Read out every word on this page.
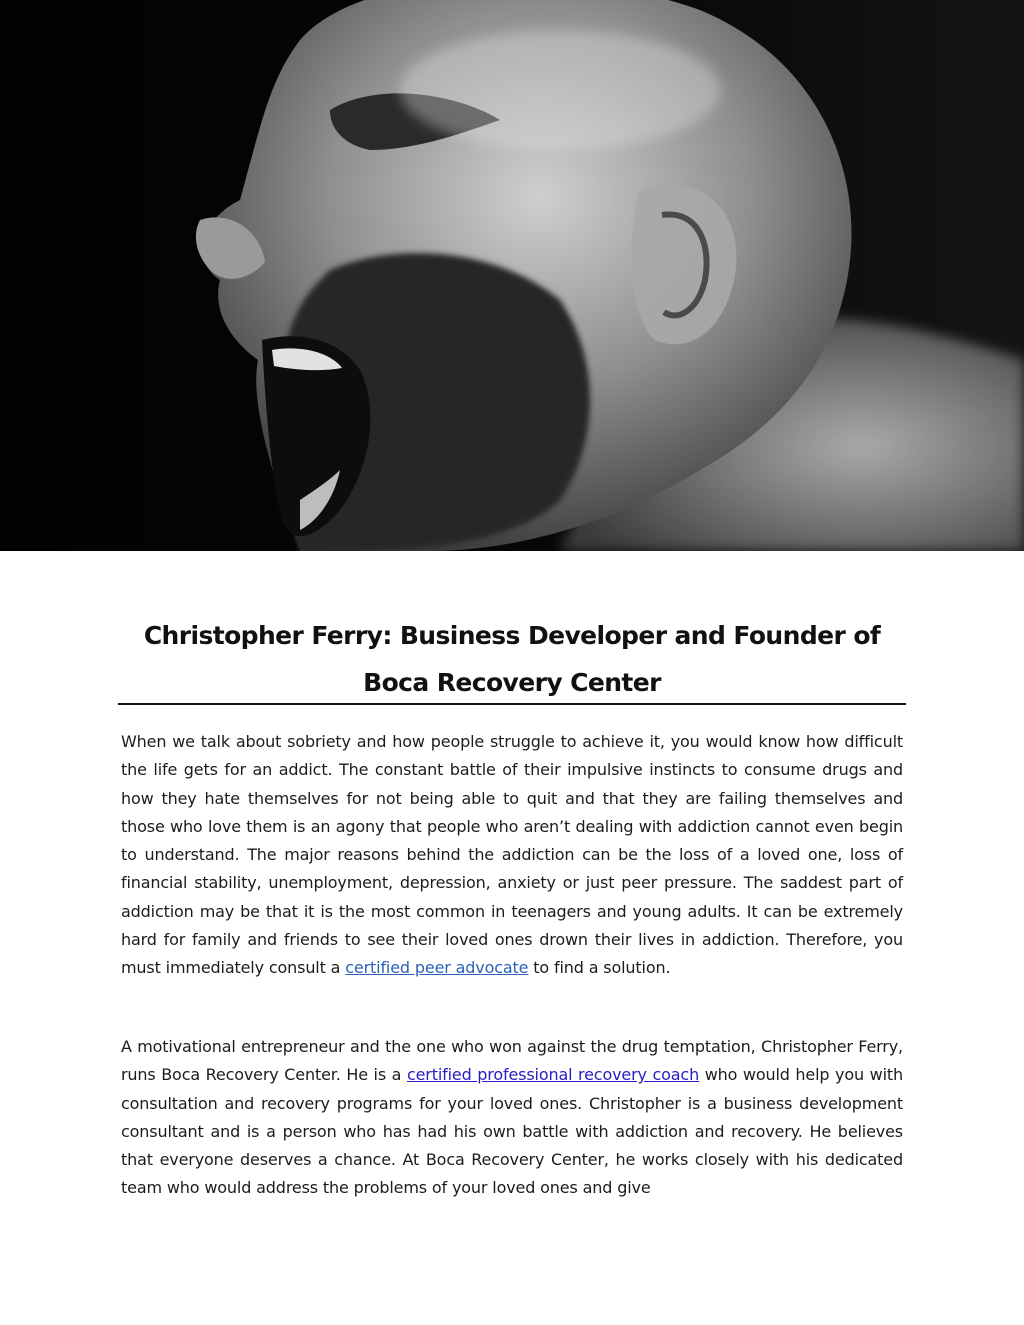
Christopher Ferry: Business Developer and Founder of Boca Recovery Center

When we talk about sobriety and how people struggle to achieve it, you would know how difficult the life gets for an addict. The constant battle of their impulsive instincts to consume drugs and how they hate themselves for not being able to quit and that they are failing themselves and those who love them is an agony that people who aren’t dealing with addiction cannot even begin to understand. The major reasons behind the addiction can be the loss of a loved one, loss of financial stability, unemployment, depression, anxiety or just peer pressure. The saddest part of addiction may be that it is the most common in teenagers and young adults. It can be extremely hard for family and friends to see their loved ones drown their lives in addiction. Therefore, you must immediately consult a certified peer advocate to find a solution.

A motivational entrepreneur and the one who won against the drug temptation, Christopher Ferry, runs Boca Recovery Center. He is a certified professional recovery coach who would help you with consultation and recovery programs for your loved ones. Christopher is a business development consultant and is a person who has had his own battle with addiction and recovery. He believes that everyone deserves a chance. At Boca Recovery Center, he works closely with his dedicated team who would address the problems of your loved ones and give
